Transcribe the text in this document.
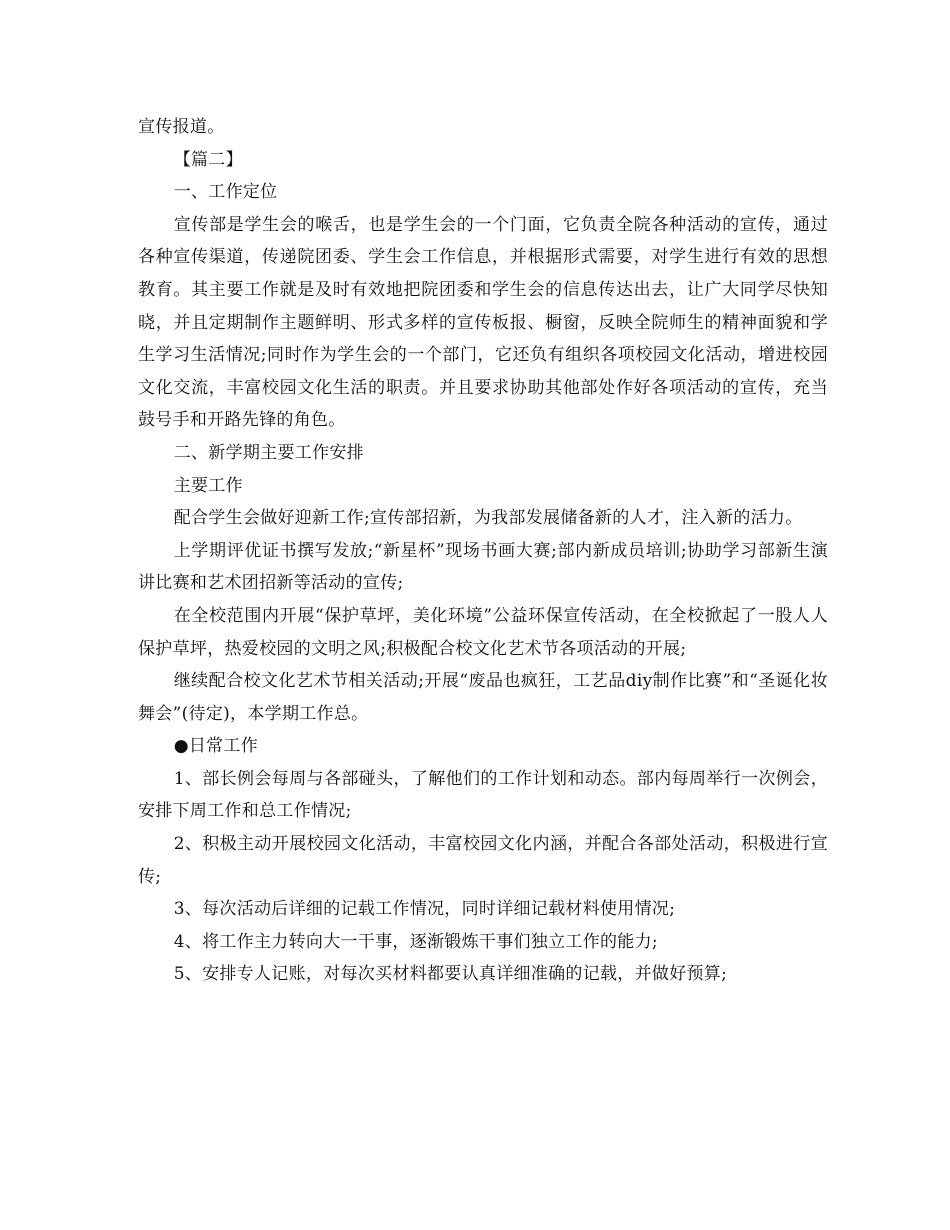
宣传报道。

【篇二】

一、工作定位

宣传部是学生会的喉舌，也是学生会的一个门面，它负责全院各种活动的宣传，通过各种宣传渠道，传递院团委、学生会工作信息，并根据形式需要，对学生进行有效的思想教育。其主要工作就是及时有效地把院团委和学生会的信息传达出去，让广大同学尽快知晓，并且定期制作主题鲜明、形式多样的宣传板报、橱窗，反映全院师生的精神面貌和学生学习生活情况;同时作为学生会的一个部门，它还负有组织各项校园文化活动，增进校园文化交流，丰富校园文化生活的职责。并且要求协助其他部处作好各项活动的宣传，充当鼓号手和开路先锋的角色。

二、新学期主要工作安排

主要工作

配合学生会做好迎新工作;宣传部招新，为我部发展储备新的人才，注入新的活力。

上学期评优证书撰写发放;“新星杯”现场书画大赛;部内新成员培训;协助学习部新生演讲比赛和艺术团招新等活动的宣传;

在全校范围内开展“保护草坪，美化环境”公益环保宣传活动，在全校掀起了一股人人保护草坪，热爱校园的文明之风;积极配合校文化艺术节各项活动的开展;

继续配合校文化艺术节相关活动;开展“废品也疯狂，工艺品diy制作比赛”和“圣诞化妆舞会”(待定)，本学期工作总。

●日常工作

1、部长例会每周与各部碰头，了解他们的工作计划和动态。部内每周举行一次例会，安排下周工作和总工作情况;

2、积极主动开展校园文化活动，丰富校园文化内涵，并配合各部处活动，积极进行宣传;

3、每次活动后详细的记载工作情况，同时详细记载材料使用情况;

4、将工作主力转向大一干事，逐渐锻炼干事们独立工作的能力;

5、安排专人记账，对每次买材料都要认真详细准确的记载，并做好预算;
